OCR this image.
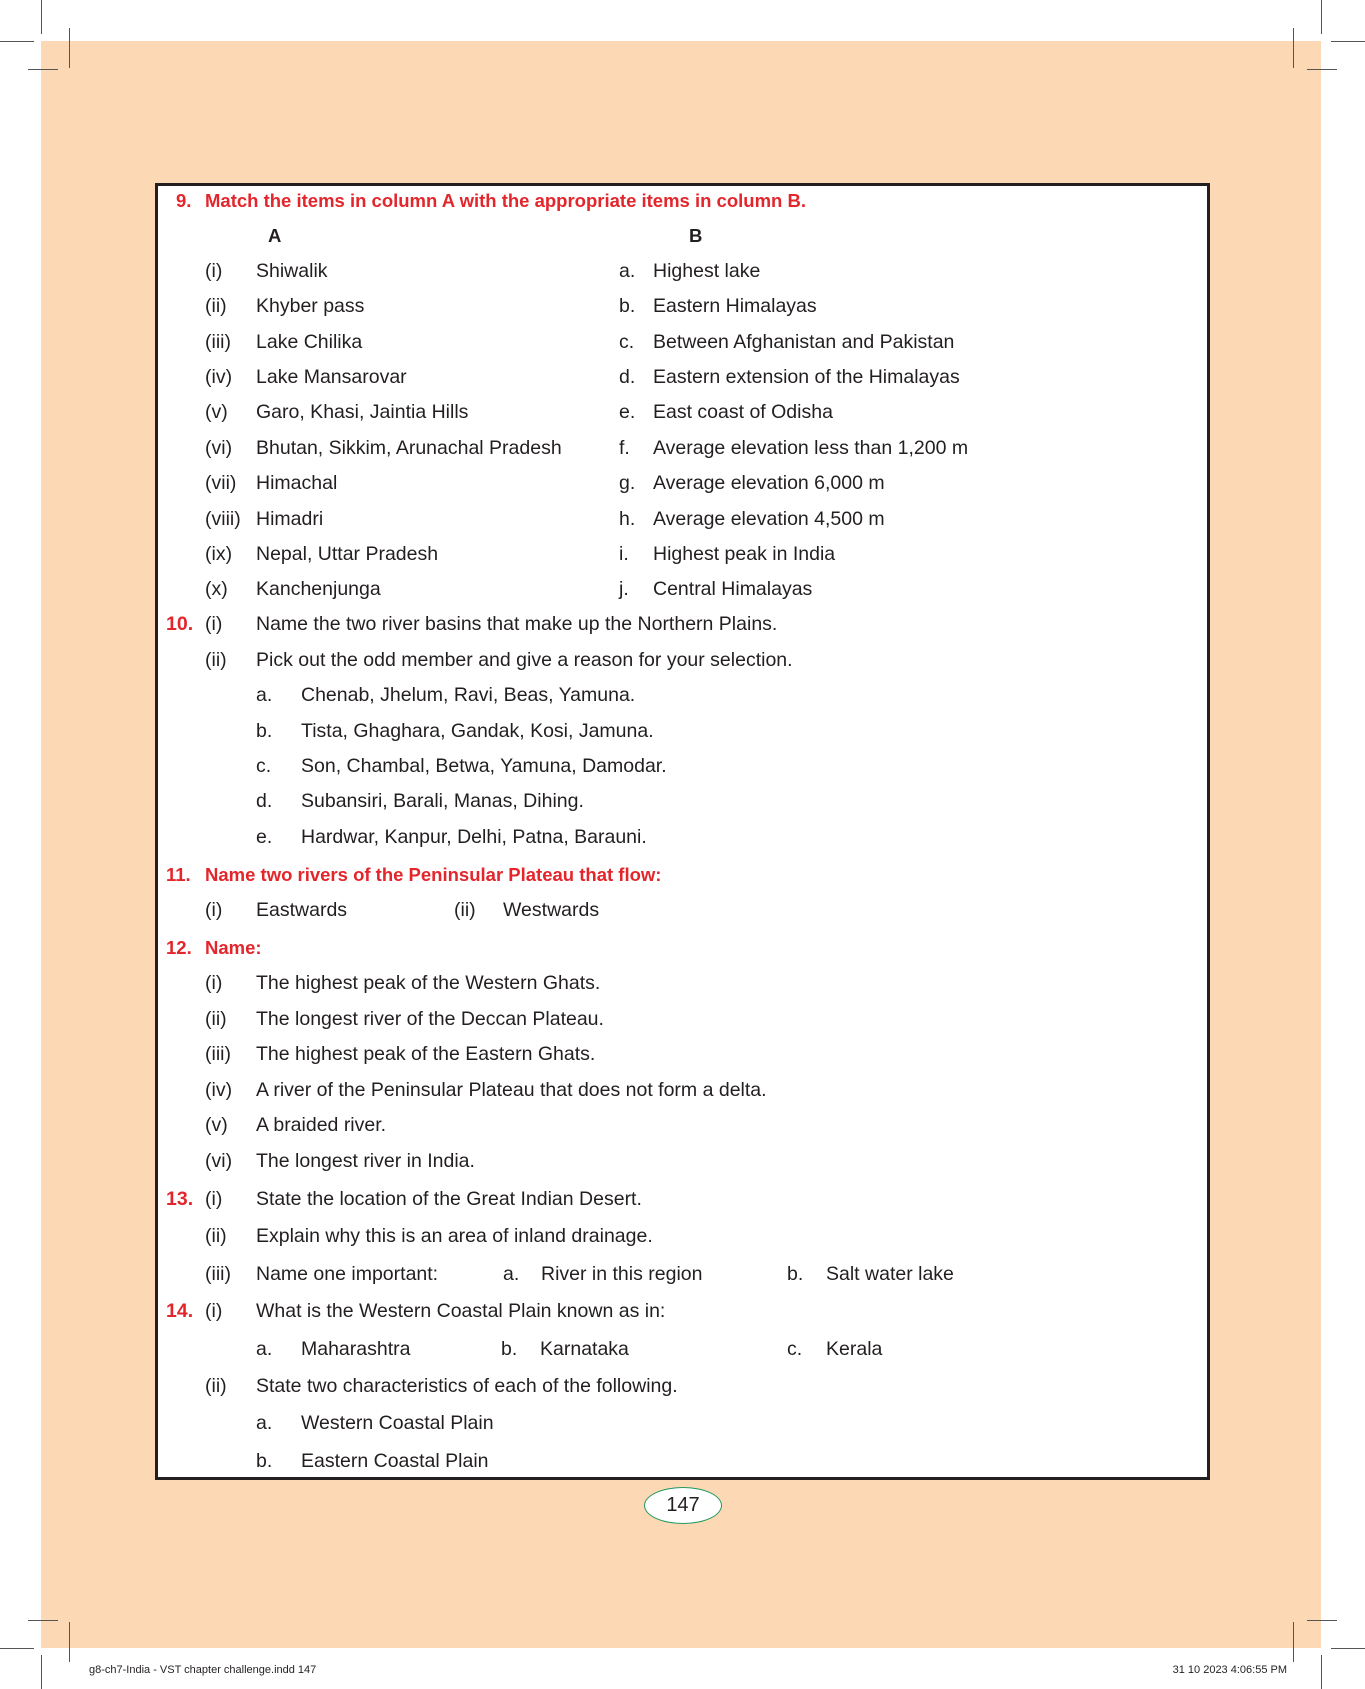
9. Match the items in column A with the appropriate items in column B.
A	B
(i) Shiwalik	a. Highest lake
(ii) Khyber pass	b. Eastern Himalayas
(iii) Lake Chilika	c. Between Afghanistan and Pakistan
(iv) Lake Mansarovar	d. Eastern extension of the Himalayas
(v) Garo, Khasi, Jaintia Hills	e. East coast of Odisha
(vi) Bhutan, Sikkim, Arunachal Pradesh	f. Average elevation less than 1,200 m
(vii) Himachal	g. Average elevation 6,000 m
(viii) Himadri	h. Average elevation 4,500 m
(ix) Nepal, Uttar Pradesh	i. Highest peak in India
(x) Kanchenjunga	j. Central Himalayas
10. (i) Name the two river basins that make up the Northern Plains.
(ii) Pick out the odd member and give a reason for your selection.
a. Chenab, Jhelum, Ravi, Beas, Yamuna.
b. Tista, Ghaghara, Gandak, Kosi, Jamuna.
c. Son, Chambal, Betwa, Yamuna, Damodar.
d. Subansiri, Barali, Manas, Dihing.
e. Hardwar, Kanpur, Delhi, Patna, Barauni.
11. Name two rivers of the Peninsular Plateau that flow:
(i) Eastwards	(ii) Westwards
12. Name:
(i) The highest peak of the Western Ghats.
(ii) The longest river of the Deccan Plateau.
(iii) The highest peak of the Eastern Ghats.
(iv) A river of the Peninsular Plateau that does not form a delta.
(v) A braided river.
(vi) The longest river in India.
13. (i) State the location of the Great Indian Desert.
(ii) Explain why this is an area of inland drainage.
(iii) Name one important:	a. River in this region	b. Salt water lake
14. (i) What is the Western Coastal Plain known as in:
a. Maharashtra	b. Karnataka	c. Kerala
(ii) State two characteristics of each of the following.
a. Western Coastal Plain
b. Eastern Coastal Plain
147
g8-ch7-India - VST chapter challenge.indd 147	31 10 2023 4:06:55 PM
